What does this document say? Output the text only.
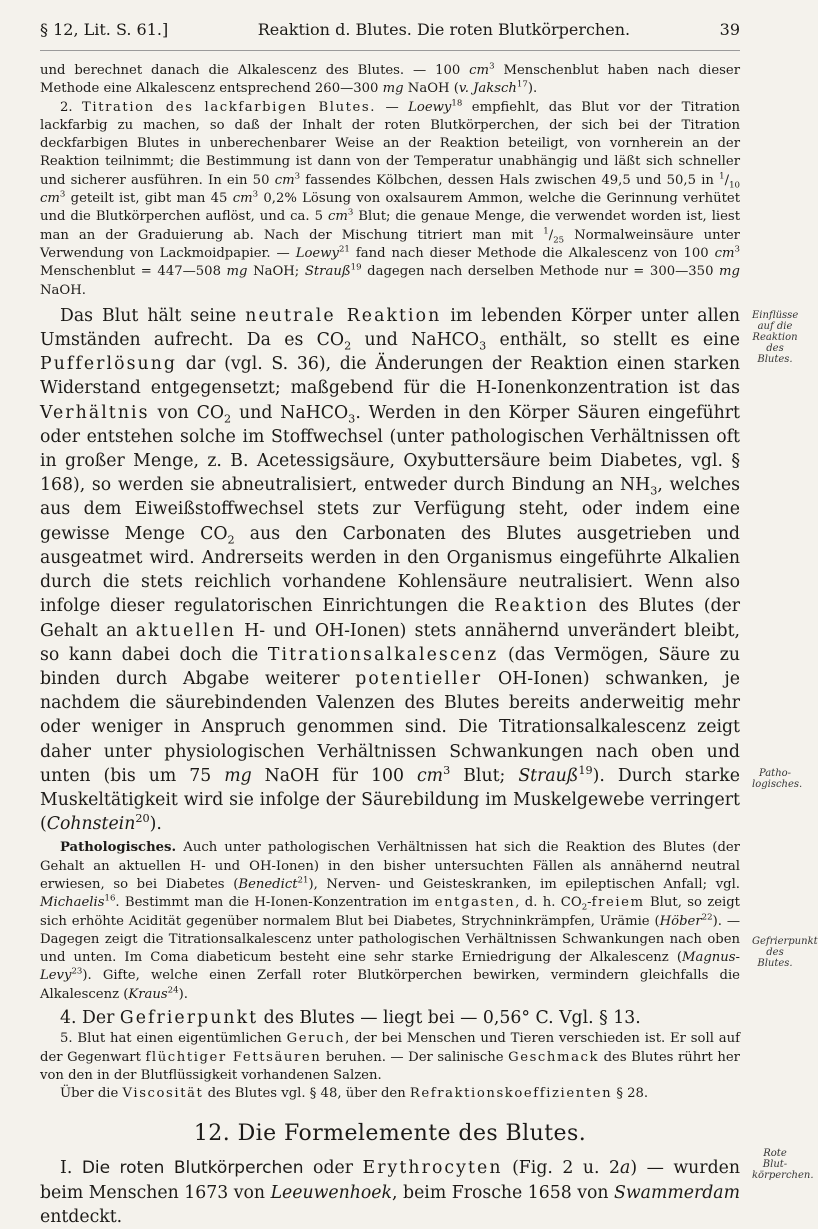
§ 12, Lit. S. 61.]	Reaktion d. Blutes. Die roten Blutkörperchen.	39

und berechnet danach die Alkalescenz des Blutes. — 100 $cm^3$ Menschenblut haben nach dieser Methode eine Alkalescenz entsprechend 260—300 mg NaOH (v. Jaksch$^{17}$).

2. Titration des lackfarbigen Blutes. — Loewy$^{18}$ empfiehlt, das Blut vor der Titration lackfarbig zu machen, so daß der Inhalt der roten Blutkörperchen, der sich bei der Titration deckfarbigen Blutes in unberechenbarer Weise an der Reaktion beteiligt, von vornherein an der Reaktion teilnimmt; die Bestimmung ist dann von der Temperatur unabhängig und läßt sich schneller und sicherer ausführen. In ein 50 $cm^3$ fassendes Kölbchen, dessen Hals zwischen 49,5 und 50,5 in $^1/_{10}$ $cm^3$ geteilt ist, gibt man 45 $cm^3$ 0,2% Lösung von oxalsaurem Ammon, welche die Gerinnung verhütet und die Blutkörperchen auflöst, und ca. 5 $cm^3$ Blut; die genaue Menge, die verwendet worden ist, liest man an der Graduierung ab. Nach der Mischung titriert man mit $^1/_{25}$ Normalweinsäure unter Verwendung von Lackmoidpapier. — Loewy$^{21}$ fand nach dieser Methode die Alkalescenz von 100 $cm^3$ Menschenblut = 447—508 mg NaOH; Strauß$^{19}$ dagegen nach derselben Methode nur = 300—350 mg NaOH.

Das Blut hält seine neutrale Reaktion im lebenden Körper unter allen Umständen aufrecht. Da es $CO_2$ und NaHCO$_3$ enthält, so stellt es eine Pufferlösung dar (vgl. S. 36), die Änderungen der Reaktion einen starken Widerstand entgegensetzt; maßgebend für die H-Ionenkonzentration ist das Verhältnis von $CO_2$ und NaHCO$_3$. Werden in den Körper Säuren eingeführt oder entstehen solche im Stoffwechsel (unter pathologischen Verhältnissen oft in großer Menge, z. B. Acetessigsäure, Oxybuttersäure beim Diabetes, vgl. § 168), so werden sie abneutralisiert, entweder durch Bindung an $NH_3$, welches aus dem Eiweißstoffwechsel stets zur Verfügung steht, oder indem eine gewisse Menge $CO_2$ aus den Carbonaten des Blutes ausgetrieben und ausgeatmet wird. Andrerseits werden in den Organismus eingeführte Alkalien durch die stets reichlich vorhandene Kohlensäure neutralisiert. Wenn also infolge dieser regulatorischen Einrichtungen die Reaktion des Blutes (der Gehalt an aktuellen H- und OH-Ionen) stets annähernd unverändert bleibt, so kann dabei doch die Titrationsalkalescenz (das Vermögen, Säure zu binden durch Abgabe weiterer potentieller OH-Ionen) schwanken, je nachdem die säurebindenden Valenzen des Blutes bereits anderweitig mehr oder weniger in Anspruch genommen sind. Die Titrationsalkalescenz zeigt daher unter physiologischen Verhältnissen Schwankungen nach oben und unten (bis um 75 mg NaOH für 100 $cm^3$ Blut; Strauß$^{19}$). Durch starke Muskeltätigkeit wird sie infolge der Säurebildung im Muskelgewebe verringert (Cohnstein$^{20}$).

Pathologisches. Auch unter pathologischen Verhältnissen hat sich die Reaktion des Blutes (der Gehalt an aktuellen H- und OH-Ionen) in den bisher untersuchten Fällen als annähernd neutral erwiesen, so bei Diabetes (Benedict$^{21}$), Nerven- und Geisteskranken, im epileptischen Anfall; vgl. Michaelis$^{16}$. Bestimmt man die H-Ionen-Konzentration im entgasten, d. h. $CO_2$-freiem Blut, so zeigt sich erhöhte Acidität gegenüber normalem Blut bei Diabetes, Strychninkrämpfen, Urämie (Höber$^{22}$). — Dagegen zeigt die Titrationsalkalescenz unter pathologischen Verhältnissen Schwankungen nach oben und unten. Im Coma diabeticum besteht eine sehr starke Erniedrigung der Alkalescenz (Magnus-Levy$^{23}$). Gifte, welche einen Zerfall roter Blutkörperchen bewirken, vermindern gleichfalls die Alkalescenz (Kraus$^{24}$).

4. Der Gefrierpunkt des Blutes — liegt bei — 0,56° C. Vgl. § 13.

5. Blut hat einen eigentümlichen Geruch, der bei Menschen und Tieren verschieden ist. Er soll auf der Gegenwart flüchtiger Fettsäuren beruhen. — Der salinische Geschmack des Blutes rührt her von den in der Blutflüssigkeit vorhandenen Salzen.

Über die Viscosität des Blutes vgl. § 48, über den Refraktionskoeffizienten § 28.

12. Die Formelemente des Blutes.

I. Die roten Blutkörperchen oder Erythrocyten (Fig. 2 u. 2a) — wurden beim Menschen 1673 von Leeuwenhoek, beim Frosche 1658 von Swammerdam entdeckt.

Einflüsse auf die Reaktion des Blutes.
Patho- logisches.
Gefrierpunkt des Blutes.
Rote Blut- körperchen.
